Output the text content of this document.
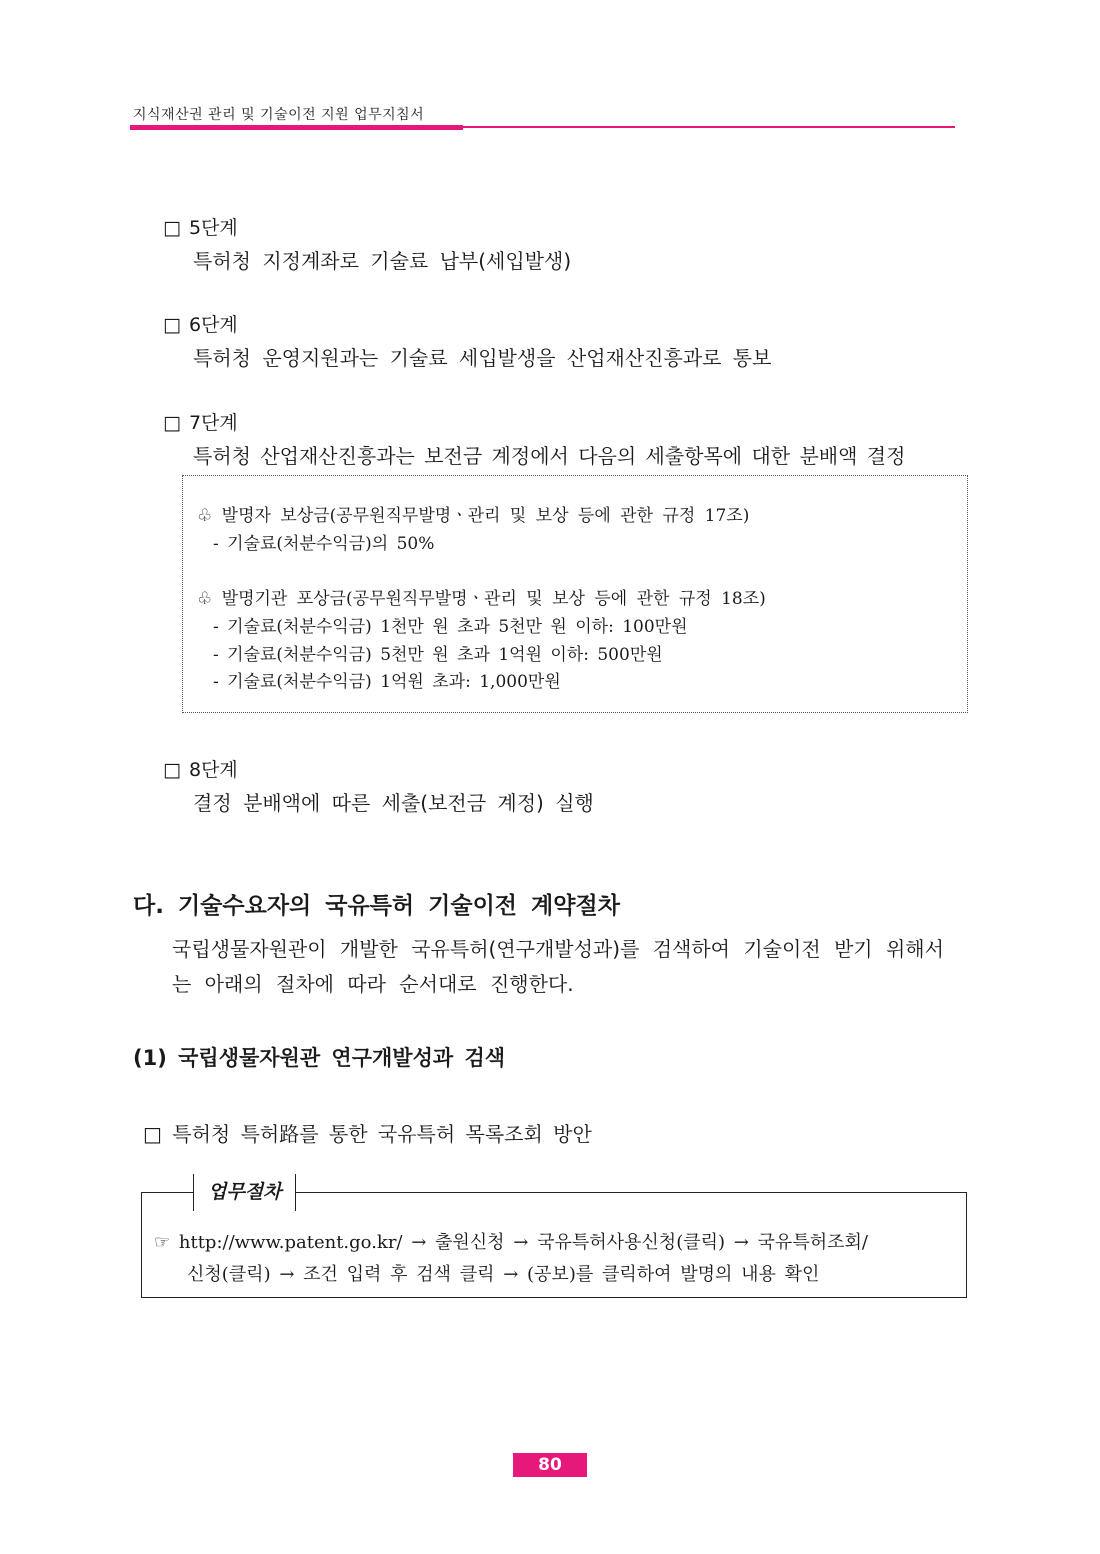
지식재산권 관리 및 기술이전 지원 업무지침서
□ 5단계
특허청 지정계좌로 기술료 납부(세입발생)
□ 6단계
특허청 운영지원과는 기술료 세입발생을 산업재산진흥과로 통보
□ 7단계
특허청 산업재산진흥과는 보전금 계정에서 다음의 세출항목에 대한 분배액 결정
♧ 발명자 보상금(공무원직무발명ㆍ관리 및 보상 등에 관한 규정 17조)
- 기술료(처분수익금)의 50%
♧ 발명기관 포상금(공무원직무발명ㆍ관리 및 보상 등에 관한 규정 18조)
- 기술료(처분수익금) 1천만 원 초과 5천만 원 이하: 100만원
- 기술료(처분수익금) 5천만 원 초과 1억원 이하: 500만원
- 기술료(처분수익금) 1억원 초과: 1,000만원
□ 8단계
결정 분배액에 따른 세출(보전금 계정) 실행
다. 기술수요자의 국유특허 기술이전 계약절차
국립생물자원관이 개발한 국유특허(연구개발성과)를 검색하여 기술이전 받기 위해서
는 아래의 절차에 따라 순서대로 진행한다.
(1) 국립생물자원관 연구개발성과 검색
□ 특허청 특허路를 통한 국유특허 목록조회 방안
업무절차
☞ http://www.patent.go.kr/ → 출원신청 → 국유특허사용신청(클릭) → 국유특허조회/
신청(클릭) → 조건 입력 후 검색 클릭 → (공보)를 클릭하여 발명의 내용 확인
80
